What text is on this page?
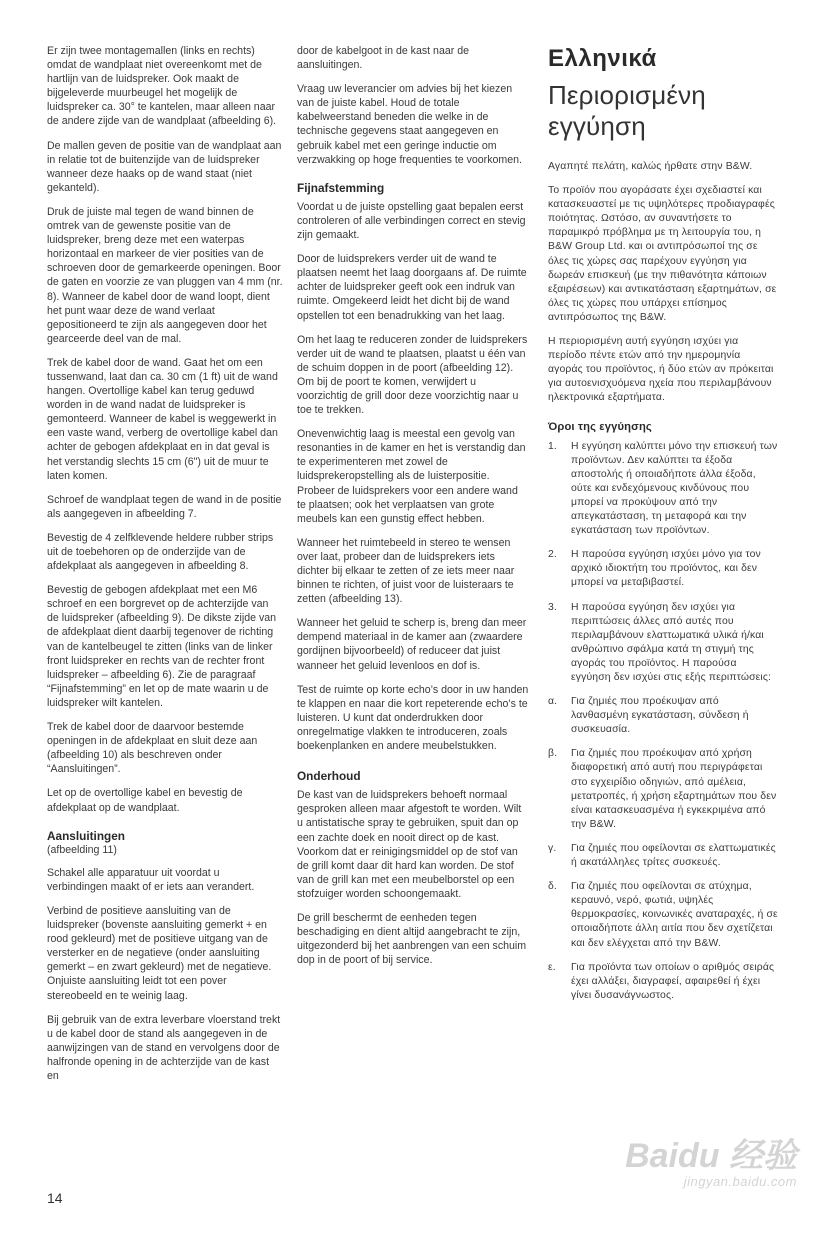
Er zijn twee montagemallen (links en rechts) omdat de wandplaat niet overeenkomt met de hartlijn van de luidspreker. Ook maakt de bijgeleverde muurbeugel het mogelijk de luidspreker ca. 30° te kantelen, maar alleen naar de andere zijde van de wandplaat (afbeelding 6).

De mallen geven de positie van de wandplaat aan in relatie tot de buitenzijde van de luidspreker wanneer deze haaks op de wand staat (niet gekanteld).

Druk de juiste mal tegen de wand binnen de omtrek van de gewenste positie van de luidspreker, breng deze met een waterpas horizontaal en markeer de vier posities van de schroeven door de gemarkeerde openingen. Boor de gaten en voorzie ze van pluggen van 4 mm (nr. 8). Wanneer de kabel door de wand loopt, dient het punt waar deze de wand verlaat gepositioneerd te zijn als aangegeven door het gearceerde deel van de mal.

Trek de kabel door de wand. Gaat het om een tussenwand, laat dan ca. 30 cm (1 ft) uit de wand hangen. Overtollige kabel kan terug geduwd worden in de wand nadat de luidspreker is gemonteerd. Wanneer de kabel is weggewerkt in een vaste wand, verberg de overtollige kabel dan achter de gebogen afdekplaat en in dat geval is het verstandig slechts 15 cm (6") uit de muur te laten komen.

Schroef de wandplaat tegen de wand in de positie als aangegeven in afbeelding 7.

Bevestig de 4 zelfklevende heldere rubber strips uit de toebehoren op de onderzijde van de afdekplaat als aangegeven in afbeelding 8.

Bevestig de gebogen afdekplaat met een M6 schroef en een borgrevet op de achterzijde van de luidspreker (afbeelding 9). De dikste zijde van de afdekplaat dient daarbij tegenover de richting van de kantelbeugel te zitten (links van de linker front luidspreker en rechts van de rechter front luidspreker – afbeelding 6). Zie de paragraaf “Fijnafstemming” en let op de mate waarin u de luidspreker wilt kantelen.

Trek de kabel door de daarvoor bestemde openingen in de afdekplaat en sluit deze aan (afbeelding 10) als beschreven onder “Aansluitingen”.

Let op de overtollige kabel en bevestig de afdekplaat op de wandplaat.

Aansluitingen

(afbeelding 11)

Schakel alle apparatuur uit voordat u verbindingen maakt of er iets aan verandert.

Verbind de positieve aansluiting van de luidspreker (bovenste aansluiting gemerkt + en rood gekleurd) met de positieve uitgang van de versterker en de negatieve (onder aansluiting gemerkt – en zwart gekleurd) met de negatieve. Onjuiste aansluiting leidt tot een pover stereobeeld en te weinig laag.

Bij gebruik van de extra leverbare vloerstand trekt u de kabel door de stand als aangegeven in de aanwijzingen van de stand en vervolgens door de halfronde opening in de achterzijde van de kast en

door de kabelgoot in de kast naar de aansluitingen.

Vraag uw leverancier om advies bij het kiezen van de juiste kabel. Houd de totale kabelweerstand beneden die welke in de technische gegevens staat aangegeven en gebruik kabel met een geringe inductie om verzwakking op hoge frequenties te voorkomen.

Fijnafstemming

Voordat u de juiste opstelling gaat bepalen eerst controleren of alle verbindingen correct en stevig zijn gemaakt.

Door de luidsprekers verder uit de wand te plaatsen neemt het laag doorgaans af. De ruimte achter de luidspreker geeft ook een indruk van ruimte. Omgekeerd leidt het dicht bij de wand opstellen tot een benadrukking van het laag.

Om het laag te reduceren zonder de luidsprekers verder uit de wand te plaatsen, plaatst u één van de schuim doppen in de poort (afbeelding 12). Om bij de poort te komen, verwijdert u voorzichtig de grill door deze voorzichtig naar u toe te trekken.

Onevenwichtig laag is meestal een gevolg van resonanties in de kamer en het is verstandig dan te experimenteren met zowel de luidsprekeropstelling als de luisterpositie. Probeer de luidsprekers voor een andere wand te plaatsen; ook het verplaatsen van grote meubels kan een gunstig effect hebben.

Wanneer het ruimtebeeld in stereo te wensen over laat, probeer dan de luidsprekers iets dichter bij elkaar te zetten of ze iets meer naar binnen te richten, of juist voor de luisteraars te zetten (afbeelding 13).

Wanneer het geluid te scherp is, breng dan meer dempend materiaal in de kamer aan (zwaardere gordijnen bijvoorbeeld) of reduceer dat juist wanneer het geluid levenloos en dof is.

Test de ruimte op korte echo’s door in uw handen te klappen en naar die kort repeterende echo’s te luisteren. U kunt dat onderdrukken door onregelmatige vlakken te introduceren, zoals boekenplanken en andere meubelstukken.

Onderhoud

De kast van de luidsprekers behoeft normaal gesproken alleen maar afgestoft te worden. Wilt u antistatische spray te gebruiken, spuit dan op een zachte doek en nooit direct op de kast. Voorkom dat er reinigingsmiddel op de stof van de grill komt daar dit hard kan worden. De stof van de grill kan met een meubelborstel op een stofzuiger worden schoongemaakt.

De grill beschermt de eenheden tegen beschadiging en dient altijd aangebracht te zijn, uitgezonderd bij het aanbrengen van een schuim dop in de poort of bij service.

Ελληνικά
Περιορισμένη εγγύηση

Αγαπητέ πελάτη, καλώς ήρθατε στην B&W.

Το προϊόν που αγοράσατε έχει σχεδιαστεί και κατασκευαστεί με τις υψηλότερες προδιαγραφές ποιότητας. Ωστόσο, αν συναντήσετε το παραμικρό πρόβλημα με τη λειτουργία του, η B&W Group Ltd. και οι αντιπρόσωποί της σε όλες τις χώρες σας παρέχουν εγγύηση για δωρεάν επισκευή (με την πιθανότητα κάποιων εξαιρέσεων) και αντικατάσταση εξαρτημάτων, σε όλες τις χώρες που υπάρχει επίσημος αντιπρόσωπος της B&W.

Η περιορισμένη αυτή εγγύηση ισχύει για περίοδο πέντε ετών από την ημερομηνία αγοράς του προϊόντος, ή δύο ετών αν πρόκειται για αυτοενισχυόμενα ηχεία που περιλαμβάνουν ηλεκτρονικά εξαρτήματα.

Όροι της εγγύησης
1. Η εγγύηση καλύπτει μόνο την επισκευή των προϊόντων. Δεν καλύπτει τα έξοδα αποστολής ή οποιαδήποτε άλλα έξοδα, ούτε και ενδεχόμενους κινδύνους που μπορεί να προκύψουν από την απεγκατάσταση, τη μεταφορά και την εγκατάσταση των προϊόντων.
2. Η παρούσα εγγύηση ισχύει μόνο για τον αρχικό ιδιοκτήτη του προϊόντος, και δεν μπορεί να μεταβιβαστεί.
3. Η παρούσα εγγύηση δεν ισχύει για περιπτώσεις άλλες από αυτές που περιλαμβάνουν ελαττωματικά υλικά ή/και ανθρώπινο σφάλμα κατά τη στιγμή της αγοράς του προϊόντος. Η παρούσα εγγύηση δεν ισχύει στις εξής περιπτώσεις:
α. Για ζημιές που προέκυψαν από λανθασμένη εγκατάσταση, σύνδεση ή συσκευασία.
β. Για ζημιές που προέκυψαν από χρήση διαφορετική από αυτή που περιγράφεται στο εγχειρίδιο οδηγιών, από αμέλεια, μετατροπές, ή χρήση εξαρτημάτων που δεν είναι κατασκευασμένα ή εγκεκριμένα από την B&W.
γ. Για ζημιές που οφείλονται σε ελαττωματικές ή ακατάλληλες τρίτες συσκευές.
δ. Για ζημιές που οφείλονται σε ατύχημα, κεραυνό, νερό, φωτιά, υψηλές θερμοκρασίες, κοινωνικές αναταραχές, ή σε οποιαδήποτε άλλη αιτία που δεν σχετίζεται και δεν ελέγχεται από την B&W.
ε. Για προϊόντα των οποίων ο αριθμός σειράς έχει αλλάξει, διαγραφεί, αφαιρεθεί ή έχει γίνει δυσανάγνωστος.
14
Baidu 经验
jingyan.baidu.com
